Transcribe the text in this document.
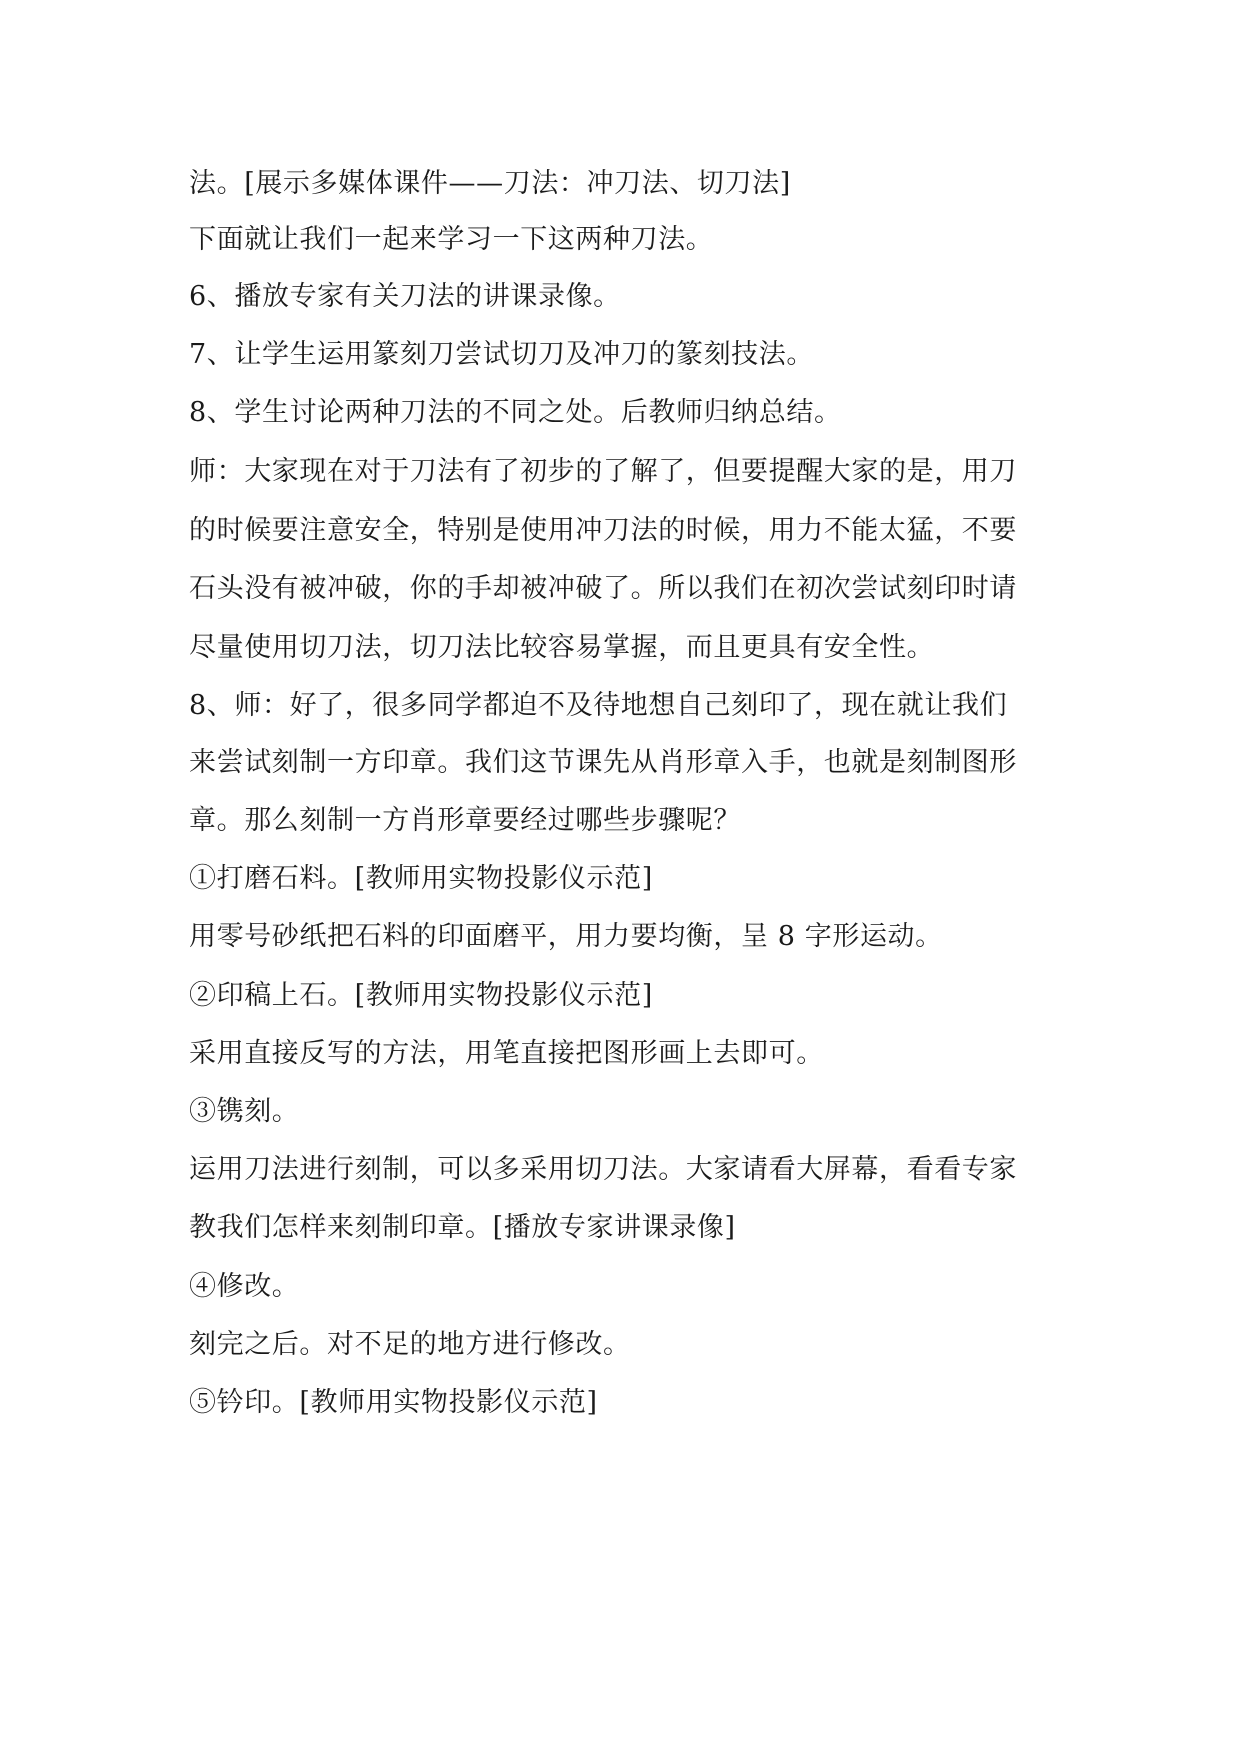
法。[展示多媒体课件——刀法：冲刀法、切刀法]
下面就让我们一起来学习一下这两种刀法。
6、播放专家有关刀法的讲课录像。
7、让学生运用篆刻刀尝试切刀及冲刀的篆刻技法。
8、学生讨论两种刀法的不同之处。后教师归纳总结。
师：大家现在对于刀法有了初步的了解了，但要提醒大家的是，用刀
的时候要注意安全，特别是使用冲刀法的时候，用力不能太猛，不要
石头没有被冲破，你的手却被冲破了。所以我们在初次尝试刻印时请
尽量使用切刀法，切刀法比较容易掌握，而且更具有安全性。
8、师：好了，很多同学都迫不及待地想自己刻印了，现在就让我们
来尝试刻制一方印章。我们这节课先从肖形章入手，也就是刻制图形
章。那么刻制一方肖形章要经过哪些步骤呢？
①打磨石料。[教师用实物投影仪示范]
用零号砂纸把石料的印面磨平，用力要均衡，呈 8 字形运动。
②印稿上石。[教师用实物投影仪示范]
采用直接反写的方法，用笔直接把图形画上去即可。
③镌刻。
运用刀法进行刻制，可以多采用切刀法。大家请看大屏幕，看看专家
教我们怎样来刻制印章。[播放专家讲课录像]
④修改。
刻完之后。对不足的地方进行修改。
⑤钤印。[教师用实物投影仪示范]
